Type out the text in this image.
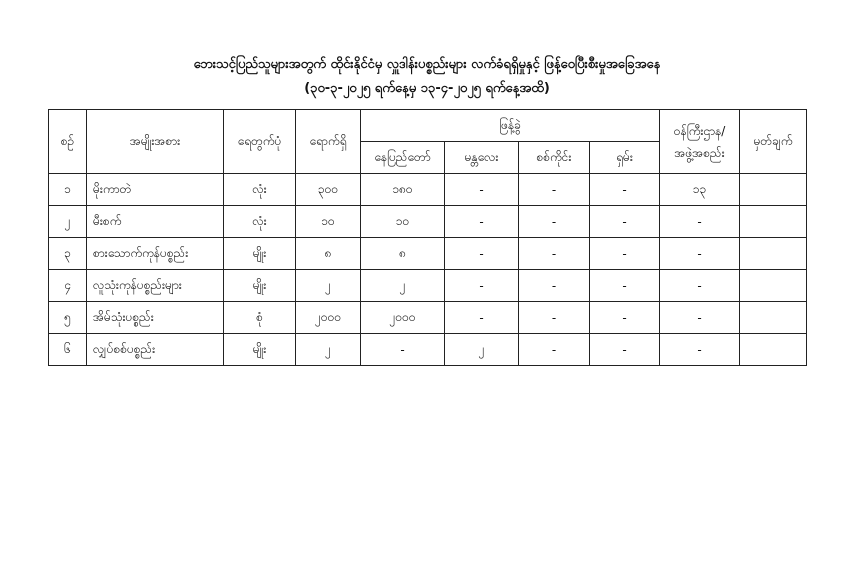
ဘေးသင့်ပြည်သူများအတွက် ထိုင်းနိုင်ငံမှ လှူဒါန်းပစ္စည်းများ လက်ခံရရှိမှုနှင့် ဖြန့်ဝေပြီးစီးမှုအခြေအနေ
(၃၀-၃-၂၀၂၅ ရက်နေ့မှ ၁၃-၄-၂၀၂၅ ရက်နေ့အထိ)
စဉ်	အမျိုးအစား	ရေတွက်ပုံ	ရောက်ရှိ	ဖြန့်ခွဲ				ဝန်ကြီးဌာန/ အဖွဲ့အစည်း	မှတ်ချက်
				နေပြည်တော်	မန္တလေး	စစ်ကိုင်း	ရှမ်း		
၁	မိုးကာတဲ	လုံး	၃၀၀	၁၈၀	-	-	-	၁၃	
၂	မီးစက်	လုံး	၁၀	၁၀	-	-	-	-	
၃	စားသောက်ကုန်ပစ္စည်း	မျိုး	၈	၈	-	-	-	-	
၄	လူသုံးကုန်ပစ္စည်းများ	မျိုး	၂	၂	-	-	-	-	
၅	အိမ်သုံးပစ္စည်း	စုံ	၂၀၀၀	၂၀၀၀	-	-	-	-	
၆	လျှပ်စစ်ပစ္စည်း	မျိုး	၂	-	၂	-	-	-	
